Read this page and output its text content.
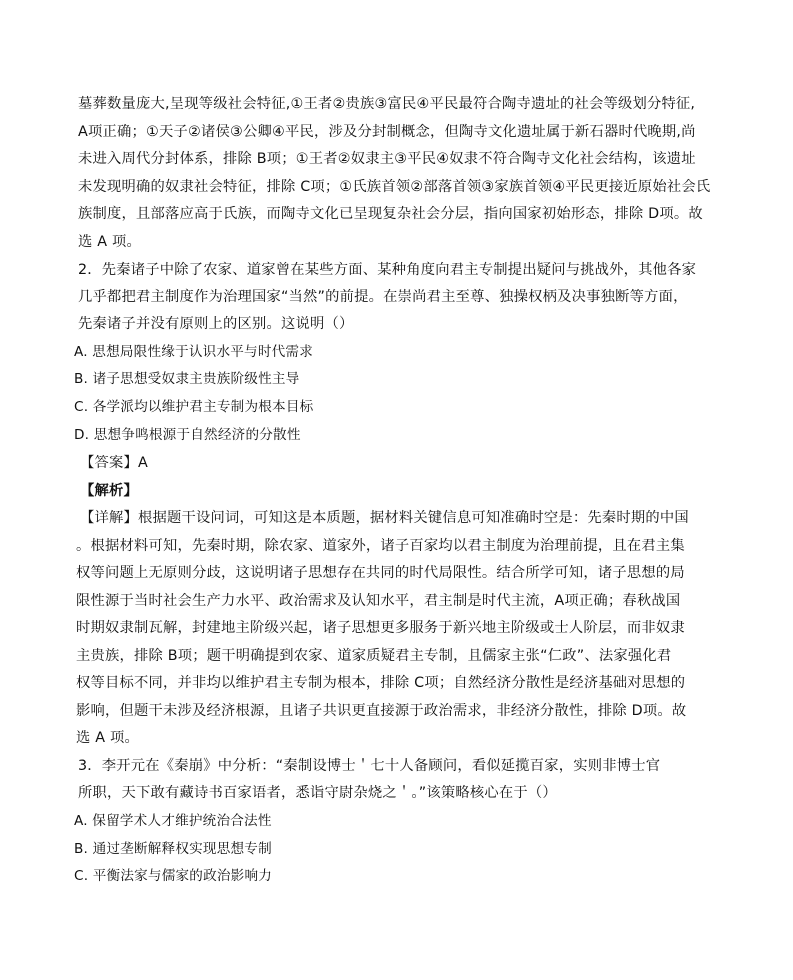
墓葬数量庞大,呈现等级社会特征,①王者②贵族③富民④平民最符合陶寺遗址的社会等级划分特征,
A项正确；①天子②诸侯③公卿④平民，涉及分封制概念，但陶寺文化遗址属于新石器时代晚期,尚
未进入周代分封体系，排除 B项；①王者②奴隶主③平民④奴隶不符合陶寺文化社会结构，该遗址
未发现明确的奴隶社会特征，排除 C项；①氏族首领②部落首领③家族首领④平民更接近原始社会氏
族制度，且部落应高于氏族，而陶寺文化已呈现复杂社会分层，指向国家初始形态，排除 D项。故
选 A 项。
2．先秦诸子中除了农家、道家曾在某些方面、某种角度向君主专制提出疑问与挑战外，其他各家
几乎都把君主制度作为治理国家“当然”的前提。在崇尚君主至尊、独操权柄及决事独断等方面，
先秦诸子并没有原则上的区别。这说明（）
A. 思想局限性缘于认识水平与时代需求
B. 诸子思想受奴隶主贵族阶级性主导
C. 各学派均以维护君主专制为根本目标
D. 思想争鸣根源于自然经济的分散性
【答案】A
【解析】
【详解】根据题干设问词，可知这是本质题，据材料关键信息可知准确时空是：先秦时期的中国
。根据材料可知，先秦时期，除农家、道家外，诸子百家均以君主制度为治理前提，且在君主集
权等问题上无原则分歧，这说明诸子思想存在共同的时代局限性。结合所学可知，诸子思想的局
限性源于当时社会生产力水平、政治需求及认知水平，君主制是时代主流，A项正确；春秋战国
时期奴隶制瓦解，封建地主阶级兴起，诸子思想更多服务于新兴地主阶级或士人阶层，而非奴隶
主贵族，排除 B项；题干明确提到农家、道家质疑君主专制，且儒家主张“仁政”、法家强化君
权等目标不同，并非均以维护君主专制为根本，排除 C项；自然经济分散性是经济基础对思想的
影响，但题干未涉及经济根源，且诸子共识更直接源于政治需求，非经济分散性，排除 D项。故
选 A 项。
3．李开元在《秦崩》中分析：“秦制设博士＇七十人备顾问，看似延揽百家，实则非博士官
所职，天下敢有藏诗书百家语者，悉诣守尉杂烧之＇。”该策略核心在于（）
A. 保留学术人才维护统治合法性
B. 通过垄断解释权实现思想专制
C. 平衡法家与儒家的政治影响力
